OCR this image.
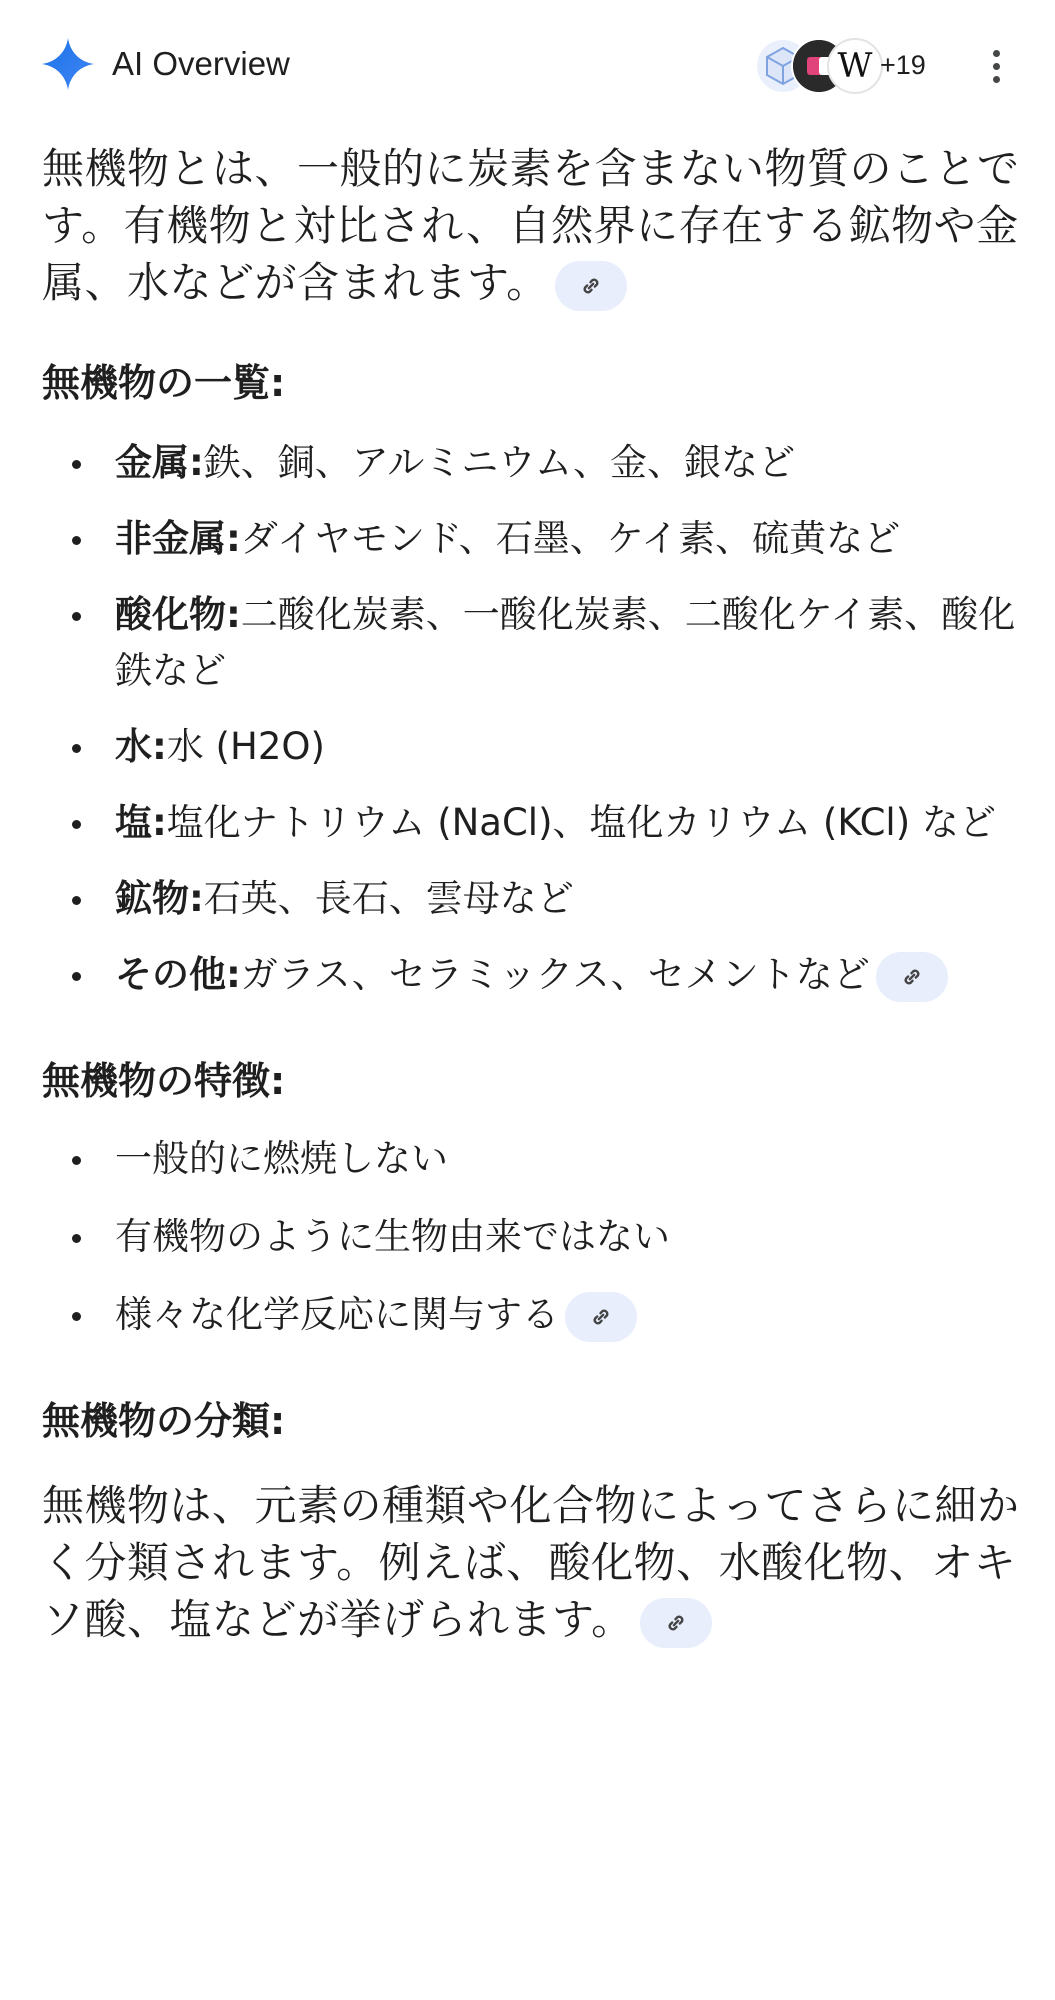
AI Overview	W +19

無機物とは、一般的に炭素を含まない物質のことです。有機物と対比され、自然界に存在する鉱物や金属、水などが含まれます。

無機物の一覧:
金属:鉄、銅、アルミニウム、金、銀など
非金属:ダイヤモンド、石墨、ケイ素、硫黄など
酸化物:二酸化炭素、一酸化炭素、二酸化ケイ素、酸化鉄など
水:水 (H2O)
塩:塩化ナトリウム (NaCl)、塩化カリウム (KCl) など
鉱物:石英、長石、雲母など
その他:ガラス、セラミックス、セメントなど
無機物の特徴:
一般的に燃焼しない
有機物のように生物由来ではない
様々な化学反応に関与する
無機物の分類:

無機物は、元素の種類や化合物によってさらに細かく分類されます。例えば、酸化物、水酸化物、オキソ酸、塩などが挙げられます。
